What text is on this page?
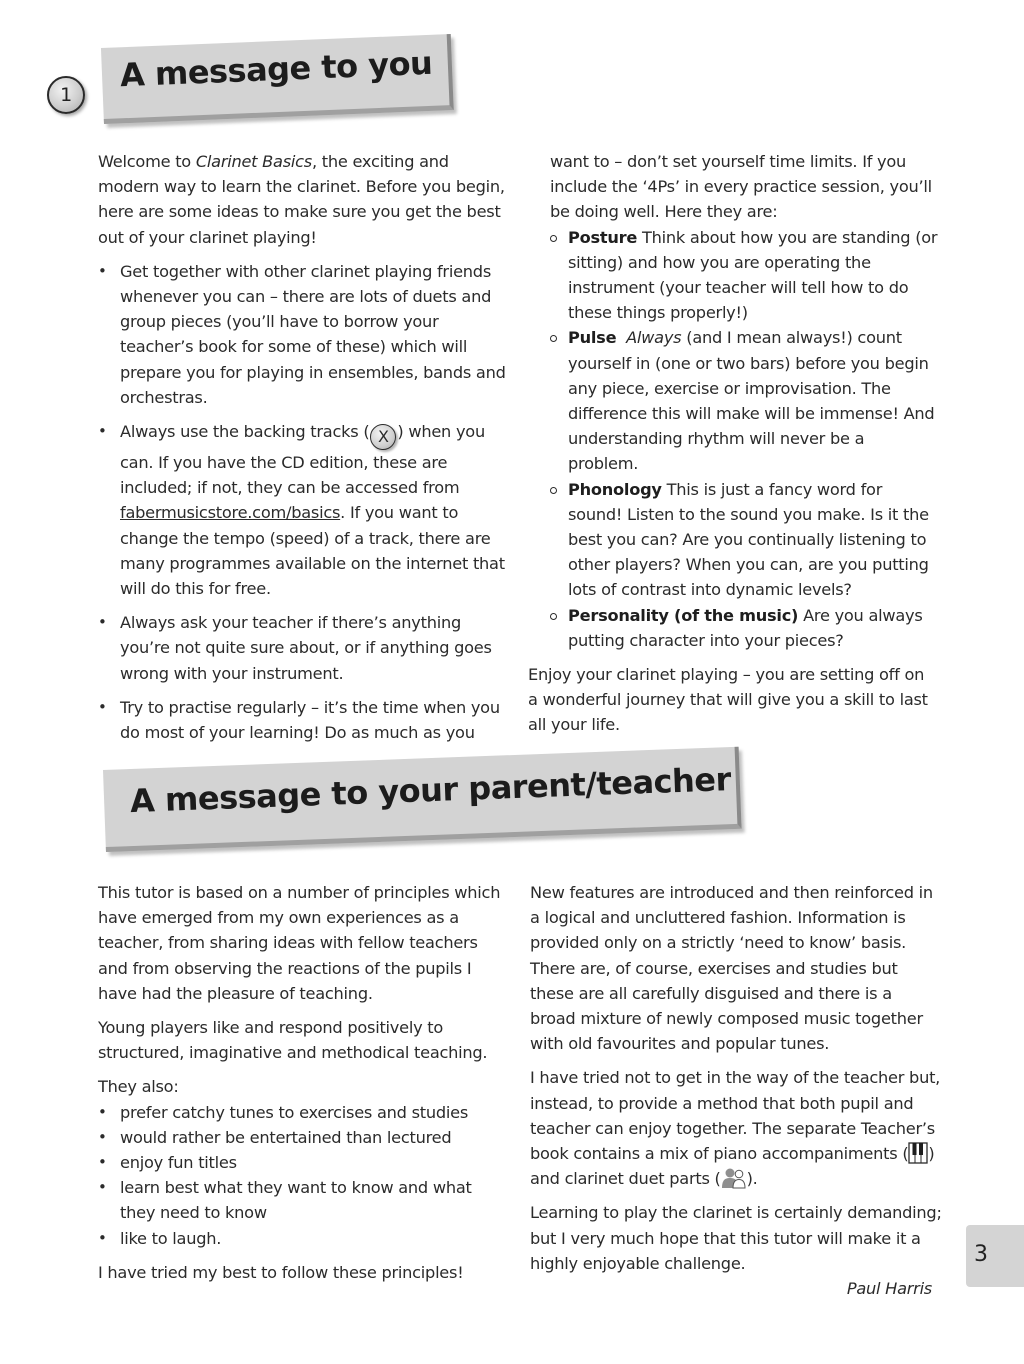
1
A message to you

Welcome to Clarinet Basics, the exciting and modern way to learn the clarinet. Before you begin, here are some ideas to make sure you get the best out of your clarinet playing!

• Get together with other clarinet playing friends whenever you can – there are lots of duets and group pieces (you’ll have to borrow your teacher’s book for some of these) which will prepare you for playing in ensembles, bands and orchestras.

• Always use the backing tracks ( X ) when you can. If you have the CD edition, these are included; if not, they can be accessed from fabermusicstore.com/basics. If you want to change the tempo (speed) of a track, there are many programmes available on the internet that will do this for free.

• Always ask your teacher if there’s anything you’re not quite sure about, or if anything goes wrong with your instrument.

• Try to practise regularly – it’s the time when you do most of your learning! Do as much as you

want to – don’t set yourself time limits. If you include the ‘4Ps’ in every practice session, you’ll be doing well. Here they are:

Posture Think about how you are standing (or sitting) and how you are operating the instrument (your teacher will tell how to do these things properly!)

Pulse Always (and I mean always!) count yourself in (one or two bars) before you begin any piece, exercise or improvisation. The difference this will make will be immense! And understanding rhythm will never be a problem.

Phonology This is just a fancy word for sound! Listen to the sound you make. Is it the best you can? Are you continually listening to other players? When you can, are you putting lots of contrast into dynamic levels?

Personality (of the music) Are you always putting character into your pieces?

Enjoy your clarinet playing – you are setting off on a wonderful journey that will give you a skill to last all your life.

A message to your parent/teacher

This tutor is based on a number of principles which have emerged from my own experiences as a teacher, from sharing ideas with fellow teachers and from observing the reactions of the pupils I have had the pleasure of teaching.

Young players like and respond positively to structured, imaginative and methodical teaching.

They also:

• prefer catchy tunes to exercises and studies

• would rather be entertained than lectured

• enjoy fun titles

• learn best what they want to know and what they need to know

• like to laugh.

I have tried my best to follow these principles!

New features are introduced and then reinforced in a logical and uncluttered fashion. Information is provided only on a strictly ‘need to know’ basis. There are, of course, exercises and studies but these are all carefully disguised and there is a broad mixture of newly composed music together with old favourites and popular tunes.

I have tried not to get in the way of the teacher but, instead, to provide a method that both pupil and teacher can enjoy together. The separate Teacher’s book contains a mix of piano accompaniments ( ) and clarinet duet parts ( ).

Learning to play the clarinet is certainly demanding; but I very much hope that this tutor will make it a highly enjoyable challenge.

Paul Harris

3
